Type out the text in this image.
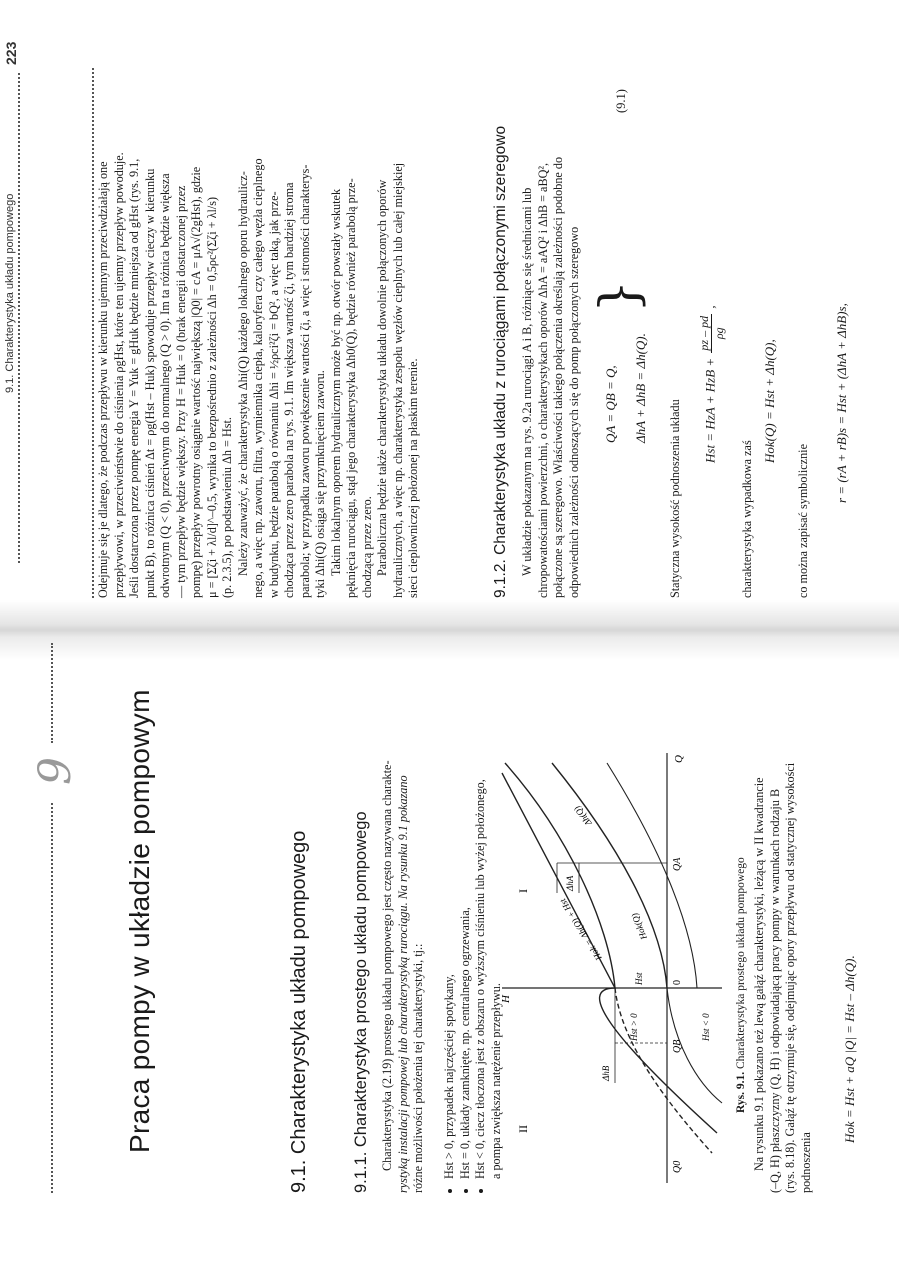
9 Praca pompy w układzie pompowym	9.1. Charakterystyka układu pompowego	9.1.1. Charakterystyka prostego układu pompowego Charakterystyka (2.19) prostego układu pompowego jest często nazywana charakte- rystyką instalacji pompowej lub charakterystyką rurociągu. Na rysunku 9.1 pokazano różne możliwości położenia tej charakterystyki, tj.: • Hst > 0, przypadek najczęściej spotykany, • Hst = 0, układy zamknięte, np. centralnego ogrzewania, • Hst < 0, ciecz tłoczona jest z obszaru o wyższym ciśnieniu lub wyżej położonego, a pompa zwiększa natężenie przepływu. II
I
H
Q
0
Q0
QB
QA
Hst < 0
Hst > 0
Hst
ΔhB
ΔhA
Hok = Δh(Q) + Hst	Hok(Q)
Δh(Q)
Rys. 9.1. Charakterystyka prostego układu pompowego Na rysunku 9.1 pokazano też lewą gałąź charakterystyki, leżącą w II kwadrancie (–Q, H) płaszczyzny (Q, H) i odpowiadającą pracy pompy w warunkach rodzaju B (rys. 8.18). Gałąź tę otrzymuje się, odejmując opory przepływu od statycznej wysokości podnoszenia
Hok = Hst + aQ |Q| = Hst – Δh(Q).
9.1. Charakterystyka układu pompowego
223
Odejmuje się je dlatego, że podczas przepływu w kierunku ujemnym przeciwdziałają one przepływowi, w przeciwieństwie do ciśnienia ρgHst, które ten ujemny przepływ powoduje. Jeśli dostarczona przez pompę energia Y = Yuk = gHuk będzie mniejsza od gHst (rys. 9.1, punkt B), to różnica ciśnień Δt = ρg(Hst – Huk) spowoduje przepływ cieczy w kierunku odwrotnym (Q < 0), przeciwnym do normalnego (Q > 0). Im ta różnica będzie większa — tym przepływ będzie większy. Przy H = Huk = 0 (brak energii dostarczonej przez pompę) przepływ powrotny osiągnie wartość największą |Q0| = cA = μA√(2gHst), gdzie μ = [Σζi + λl/d]^–0,5, wynika to bezpośrednio z zależności Δh = 0,5ρc²(Σζi + λl/s) (p. 2.3.5), po podstawieniu Δh = Hst. Należy zauważyć, że charakterystyka Δhi(Q) każdego lokalnego oporu hydraulicz- nego, a więc np. zaworu, filtra, wymiennika ciepła, kaloryfera czy całego węzła cieplnego w budynku, będzie parabolą o równaniu Δhi = ½ρci²ζi = bQ², a więc taką, jak prze- chodząca przez zero parabola na rys. 9.1. Im większa wartość ζi, tym bardziej stroma parabola; w przypadku zaworu powiększenie wartości ζi, a więc i stromości charakterys- tyki Δhi(Q) osiąga się przymknięciem zaworu. Takim lokalnym oporem hydraulicznym może być np. otwór powstały wskutek pęknięcia rurociągu, stąd jego charakterystyka Δh0(Q), będzie również parabolą prze- chodzącą przez zero. Paraboliczna będzie także charakterystyka układu dowolnie połączonych oporów hydraulicznych, a więc np. charakterystyka zespołu węzłów cieplnych lub całej miejskiej sieci cieplowniczej położonej na płaskim terenie.	9.1.2. Charakterystyka układu z rurociągami połączonymi szeregowo W układzie pokazanym na rys. 9.2a rurociągi A i B, różniące się średnicami lub chropowatościami powierzchni, o charakterystykach oporów ΔhA = aAQ² i ΔhB = aBQ², połączone są szeregowo. Właściwości takiego połączenia określają zależności podobne do odpowiednich zależności odnoszących się do pomp połączonych szeregowo	QA = QB = Q,	ΔhA + ΔhB = Δh(Q).
}
(9.1)
Statyczna wysokość podnoszenia układu	Hst = HzA + HzB +
pz – pd ρg
,
charakterystyka wypadkowa zaś
Hok(Q) = Hst + Δh(Q),
co można zapisać symbolicznie
r = (rA + rB)s = Hst + (ΔhA + ΔhB)s,
